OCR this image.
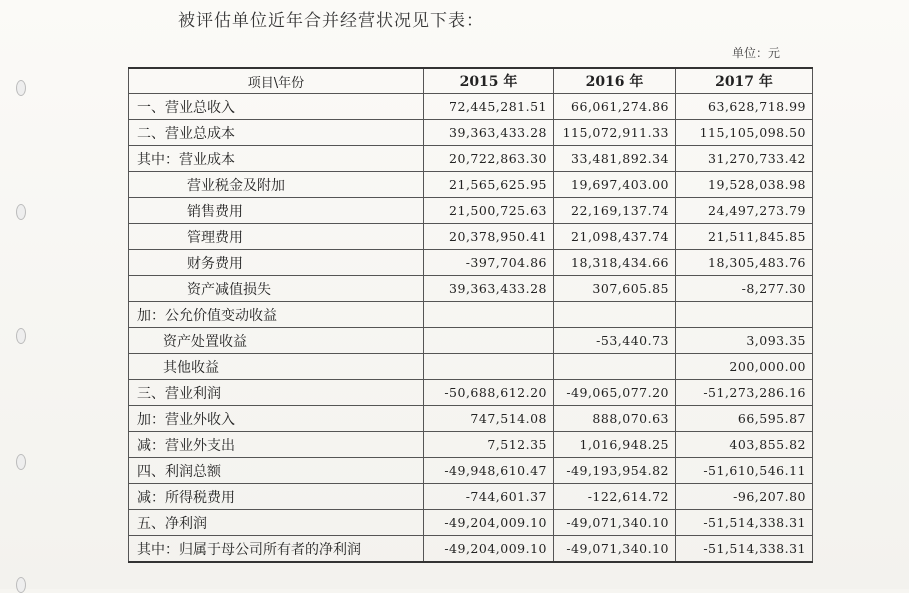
被评估单位近年合并经营状况见下表：
单位：元
项目\年份	2015 年	2016 年	2017 年
一、营业总收入	72,445,281.51	66,061,274.86	63,628,718.99
二、营业总成本	39,363,433.28	115,072,911.33	115,105,098.50
其中：营业成本	20,722,863.30	33,481,892.34	31,270,733.42
营业税金及附加	21,565,625.95	19,697,403.00	19,528,038.98
销售费用	21,500,725.63	22,169,137.74	24,497,273.79
管理费用	20,378,950.41	21,098,437.74	21,511,845.85
财务费用	-397,704.86	18,318,434.66	18,305,483.76
资产减值损失	39,363,433.28	307,605.85	-8,277.30
加：公允价值变动收益			
资产处置收益		-53,440.73	3,093.35
其他收益			200,000.00
三、营业利润	-50,688,612.20	-49,065,077.20	-51,273,286.16
加：营业外收入	747,514.08	888,070.63	66,595.87
减：营业外支出	7,512.35	1,016,948.25	403,855.82
四、利润总额	-49,948,610.47	-49,193,954.82	-51,610,546.11
减：所得税费用	-744,601.37	-122,614.72	-96,207.80
五、净利润	-49,204,009.10	-49,071,340.10	-51,514,338.31
其中：归属于母公司所有者的净利润	-49,204,009.10	-49,071,340.10	-51,514,338.31
